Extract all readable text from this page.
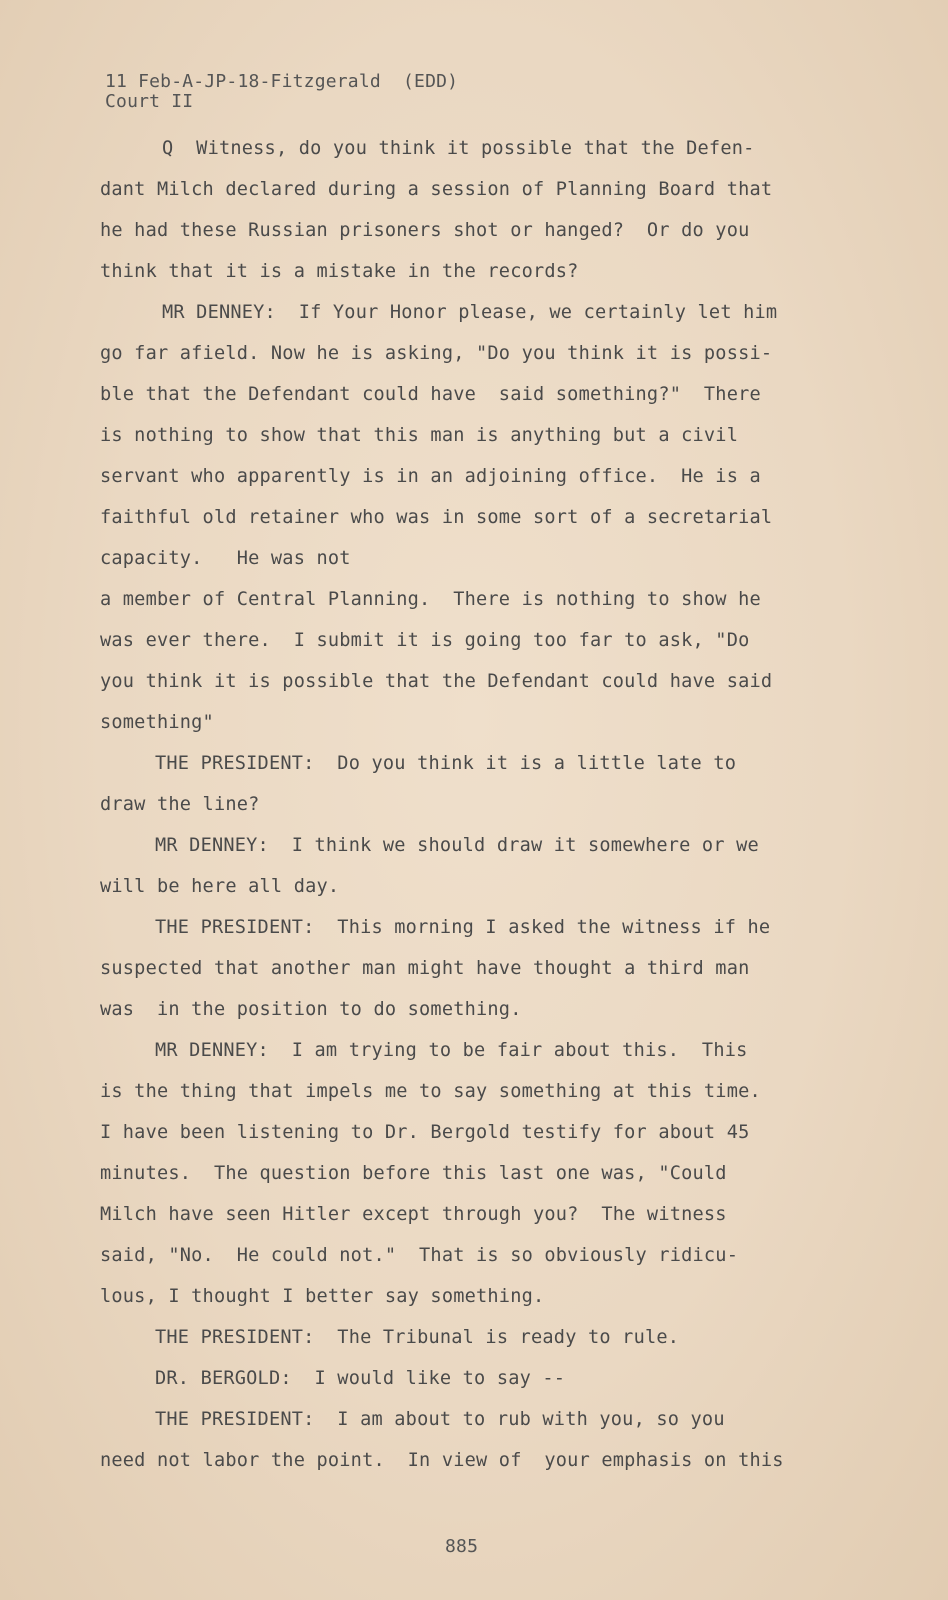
11 Feb-A-JP-18-Fitzgerald  (EDD)
Court II
Q  Witness, do you think it possible that the Defen-
dant Milch declared during a session of Planning Board that
he had these Russian prisoners shot or hanged?  Or do you
think that it is a mistake in the records?
MR DENNEY:  If Your Honor please, we certainly let him
go far afield. Now he is asking, "Do you think it is possi-
ble that the Defendant could have  said something?"  There
is nothing to show that this man is anything but a civil
servant who apparently is in an adjoining office.  He is a
faithful old retainer who was in some sort of a secretarial
capacity.   He was not
a member of Central Planning.  There is nothing to show he
was ever there.  I submit it is going too far to ask, "Do
you think it is possible that the Defendant could have said
something"
THE PRESIDENT:  Do you think it is a little late to
draw the line?
MR DENNEY:  I think we should draw it somewhere or we
will be here all day.
THE PRESIDENT:  This morning I asked the witness if he
suspected that another man might have thought a third man
was  in the position to do something.
MR DENNEY:  I am trying to be fair about this.  This
is the thing that impels me to say something at this time.
I have been listening to Dr. Bergold testify for about 45
minutes.  The question before this last one was, "Could
Milch have seen Hitler except through you?  The witness
said, "No.  He could not."  That is so obviously ridicu-
lous, I thought I better say something.
THE PRESIDENT:  The Tribunal is ready to rule.
DR. BERGOLD:  I would like to say --
THE PRESIDENT:  I am about to rub with you, so you
need not labor the point.  In view of  your emphasis on this
885
